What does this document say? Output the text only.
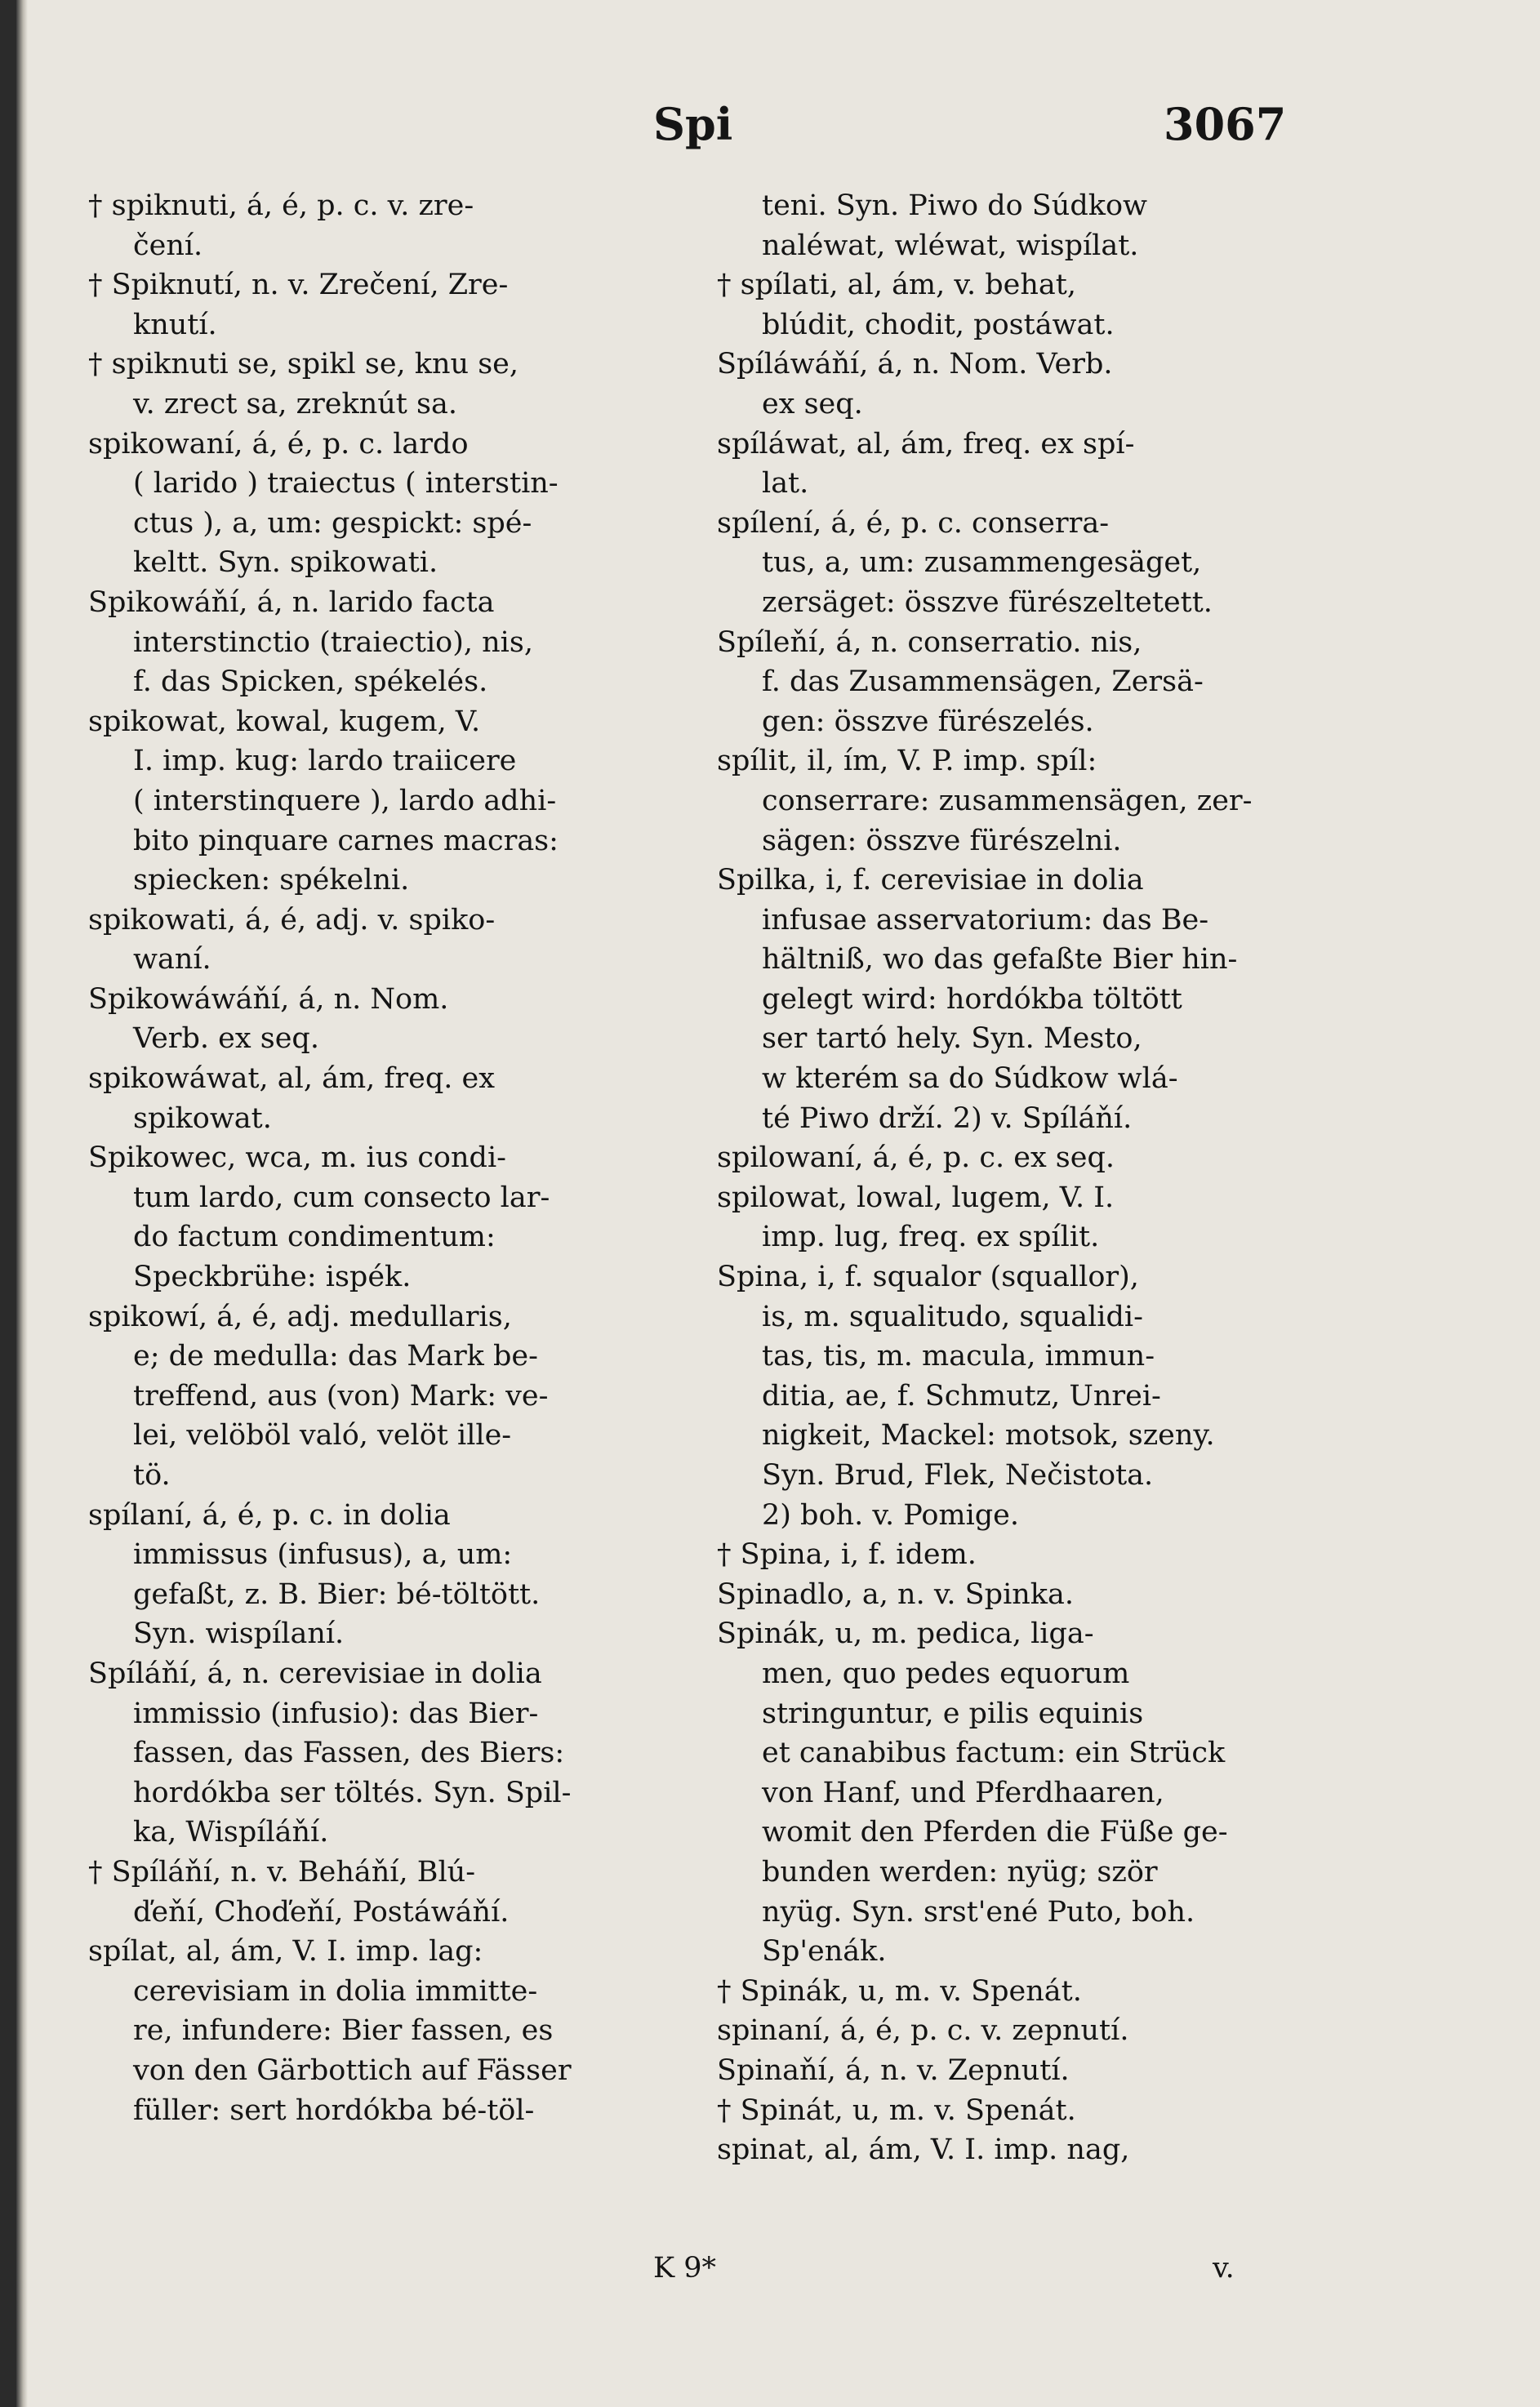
Spi	3067
† spiknuti, á, é, p. c. v. zre-
čení.
† Spiknutí, n. v. Zrečení, Zre-
knutí.
† spiknuti se, spikl se, knu se,
v. zrect sa, zreknút sa.
spikowaní, á, é, p. c. lardo
( larido ) traiectus ( interstin-
ctus ), a, um: gespickt: spé-
keltt. Syn. spikowati.
Spikowáňí, á, n. larido facta
interstinctio (traiectio), nis,
f. das Spicken, spékelés.
spikowat, kowal, kugem, V.
I. imp. kug: lardo traiicere
( interstinquere ), lardo adhi-
bito pinquare carnes macras:
spiecken: spékelni.
spikowati, á, é, adj. v. spiko-
waní.
Spikowáwáňí, á, n. Nom.
Verb. ex seq.
spikowáwat, al, ám, freq. ex
spikowat.
Spikowec, wca, m. ius condi-
tum lardo, cum consecto lar-
do factum condimentum:
Speckbrühe: ispék.
spikowí, á, é, adj. medullaris,
e; de medulla: das Mark be-
treffend, aus (von) Mark: ve-
lei, velöböl való, velöt ille-
tö.
spílaní, á, é, p. c. in dolia
immissus (infusus), a, um:
gefaßt, z. B. Bier: bé-töltött.
Syn. wispílaní.
Spíláňí, á, n. cerevisiae in dolia
immissio (infusio): das Bier-
fassen, das Fassen, des Biers:
hordókba ser töltés. Syn. Spil-
ka, Wispíláňí.
† Spíláňí, n. v. Beháňí, Blú-
ďeňí, Choďeňí, Postáwáňí.
spílat, al, ám, V. I. imp. lag:
cerevisiam in dolia immitte-
re, infundere: Bier fassen, es
von den Gärbottich auf Fässer
füller: sert hordókba bé-töl-
teni. Syn. Piwo do Súdkow
naléwat, wléwat, wispílat.
† spílati, al, ám, v. behat,
blúdit, chodit, postáwat.
Spíláwáňí, á, n. Nom. Verb.
ex seq.
spíláwat, al, ám, freq. ex spí-
lat.
spílení, á, é, p. c. conserra-
tus, a, um: zusammengesäget,
zersäget: összve fürészeltetett.
Spíleňí, á, n. conserratio. nis,
f. das Zusammensägen, Zersä-
gen: összve fürészelés.
spílit, il, ím, V. P. imp. spíl:
conserrare: zusammensägen, zer-
sägen: összve fürészelni.
Spilka, i, f. cerevisiae in dolia
infusae asservatorium: das Be-
hältniß, wo das gefaßte Bier hin-
gelegt wird: hordókba töltött
ser tartó hely. Syn. Mesto,
w kterém sa do Súdkow wlá-
té Piwo drží. 2) v. Spíláňí.
spilowaní, á, é, p. c. ex seq.
spilowat, lowal, lugem, V. I.
imp. lug, freq. ex spílit.
Spina, i, f. squalor (squallor),
is, m. squalitudo, squalidi-
tas, tis, m. macula, immun-
ditia, ae, f. Schmutz, Unrei-
nigkeit, Mackel: motsok, szeny.
Syn. Brud, Flek, Nečistota.
2) boh. v. Pomige.
† Spina, i, f. idem.
Spinadlo, a, n. v. Spinka.
Spinák, u, m. pedica, liga-
men, quo pedes equorum
stringuntur, e pilis equinis
et canabibus factum: ein Strück
von Hanf, und Pferdhaaren,
womit den Pferden die Füße ge-
bunden werden: nyüg; ször
nyüg. Syn. srst'ené Puto, boh.
Sp'enák.
† Spinák, u, m. v. Spenát.
spinaní, á, é, p. c. v. zepnutí.
Spinaňí, á, n. v. Zepnutí.
† Spinát, u, m. v. Spenát.
spinat, al, ám, V. I. imp. nag,
K 9*	v.
